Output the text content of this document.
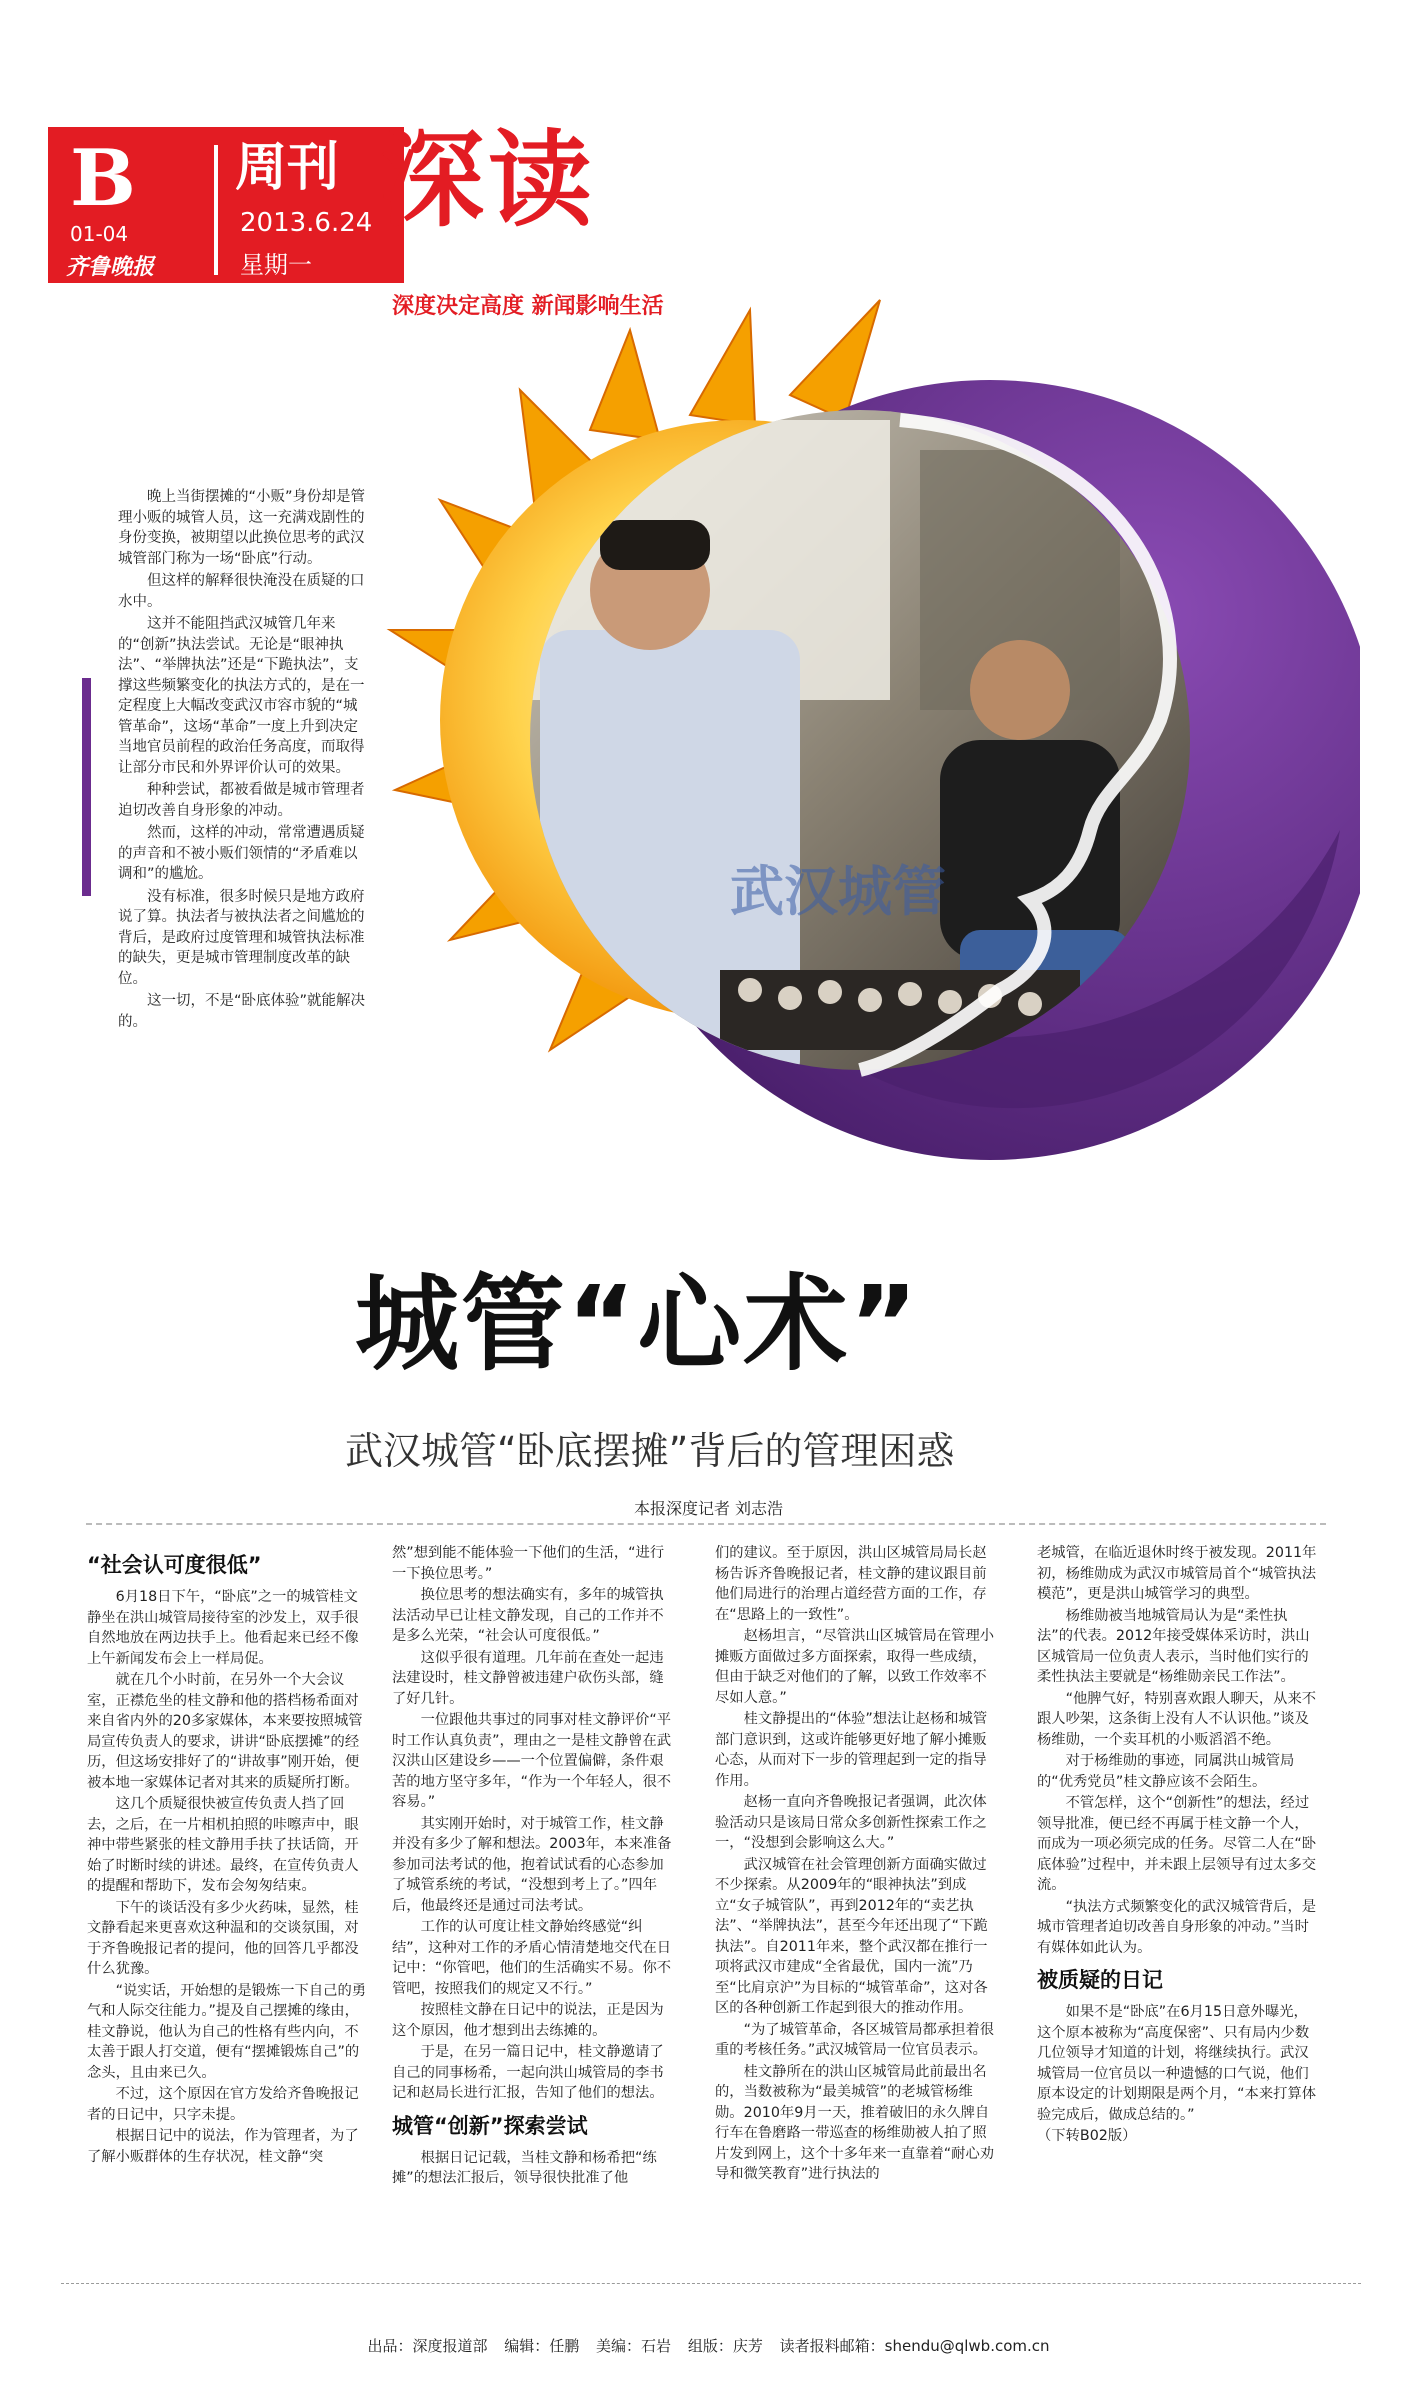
B 周刊
01-04	2013.6.24
齐鲁晚报	星期一
深读
深度决定高度 新闻影响生活
武汉城管

晚上当街摆摊的“小贩”身份却是管理小贩的城管人员，这一充满戏剧性的身份变换，被期望以此换位思考的武汉城管部门称为一场“卧底”行动。

但这样的解释很快淹没在质疑的口水中。

这并不能阻挡武汉城管几年来的“创新”执法尝试。无论是“眼神执法”、“举牌执法”还是“下跪执法”，支撑这些频繁变化的执法方式的，是在一定程度上大幅改变武汉市容市貌的“城管革命”，这场“革命”一度上升到决定当地官员前程的政治任务高度，而取得让部分市民和外界评价认可的效果。

种种尝试，都被看做是城市管理者迫切改善自身形象的冲动。

然而，这样的冲动，常常遭遇质疑的声音和不被小贩们领情的“矛盾难以调和”的尴尬。

没有标准，很多时候只是地方政府说了算。执法者与被执法者之间尴尬的背后，是政府过度管理和城管执法标准的缺失，更是城市管理制度改革的缺位。

这一切，不是“卧底体验”就能解决的。

城管“心术”
武汉城管“卧底摆摊”背后的管理困惑
本报深度记者 刘志浩
“社会认可度很低”

6月18日下午，“卧底”之一的城管桂文静坐在洪山城管局接待室的沙发上，双手很自然地放在两边扶手上。他看起来已经不像上午新闻发布会上一样局促。

就在几个小时前，在另外一个大会议室，正襟危坐的桂文静和他的搭档杨希面对来自省内外的20多家媒体，本来要按照城管局宣传负责人的要求，讲讲“卧底摆摊”的经历，但这场安排好了的“讲故事”刚开始，便被本地一家媒体记者对其来的质疑所打断。

这几个质疑很快被宣传负责人挡了回去，之后，在一片相机拍照的咔嚓声中，眼神中带些紧张的桂文静用手扶了扶话筒，开始了时断时续的讲述。最终，在宣传负责人的提醒和帮助下，发布会匆匆结束。

下午的谈话没有多少火药味，显然，桂文静看起来更喜欢这种温和的交谈氛围，对于齐鲁晚报记者的提问，他的回答几乎都没什么犹豫。

“说实话，开始想的是锻炼一下自己的勇气和人际交往能力。”提及自己摆摊的缘由，桂文静说，他认为自己的性格有些内向，不太善于跟人打交道，便有“摆摊锻炼自己”的念头，且由来已久。

不过，这个原因在官方发给齐鲁晚报记者的日记中，只字未提。

根据日记中的说法，作为管理者，为了了解小贩群体的生存状况，桂文静“突

然”想到能不能体验一下他们的生活，“进行一下换位思考。”

换位思考的想法确实有，多年的城管执法活动早已让桂文静发现，自己的工作并不是多么光荣，“社会认可度很低。”

这似乎很有道理。几年前在查处一起违法建设时，桂文静曾被违建户砍伤头部，缝了好几针。

一位跟他共事过的同事对桂文静评价“平时工作认真负责”，理由之一是桂文静曾在武汉洪山区建设乡——一个位置偏僻，条件艰苦的地方坚守多年，“作为一个年轻人，很不容易。”

其实刚开始时，对于城管工作，桂文静并没有多少了解和想法。2003年，本来准备参加司法考试的他，抱着试试看的心态参加了城管系统的考试，“没想到考上了。”四年后，他最终还是通过司法考试。

工作的认可度让桂文静始终感觉“纠结”，这种对工作的矛盾心情清楚地交代在日记中：“你管吧，他们的生活确实不易。你不管吧，按照我们的规定又不行。”

按照桂文静在日记中的说法，正是因为这个原因，他才想到出去练摊的。

于是，在另一篇日记中，桂文静邀请了自己的同事杨希，一起向洪山城管局的李书记和赵局长进行汇报，告知了他们的想法。

城管“创新”探索尝试

根据日记记载，当桂文静和杨希把“练摊”的想法汇报后，领导很快批准了他

们的建议。至于原因，洪山区城管局局长赵杨告诉齐鲁晚报记者，桂文静的建议跟目前他们局进行的治理占道经营方面的工作，存在“思路上的一致性”。

赵杨坦言，“尽管洪山区城管局在管理小摊贩方面做过多方面探索，取得一些成绩，但由于缺乏对他们的了解，以致工作效率不尽如人意。”

桂文静提出的“体验”想法让赵杨和城管部门意识到，这或许能够更好地了解小摊贩心态，从而对下一步的管理起到一定的指导作用。

赵杨一直向齐鲁晚报记者强调，此次体验活动只是该局日常众多创新性探索工作之一，“没想到会影响这么大。”

武汉城管在社会管理创新方面确实做过不少探索。从2009年的“眼神执法”到成立“女子城管队”，再到2012年的“卖艺执法”、“举牌执法”，甚至今年还出现了“下跪执法”。自2011年来，整个武汉都在推行一项将武汉市建成“全省最优，国内一流”乃至“比肩京沪”为目标的“城管革命”，这对各区的各种创新工作起到很大的推动作用。

“为了城管革命，各区城管局都承担着很重的考核任务。”武汉城管局一位官员表示。

桂文静所在的洪山区城管局此前最出名的，当数被称为“最美城管”的老城管杨维勋。2010年9月一天，推着破旧的永久牌自行车在鲁磨路一带巡查的杨维勋被人拍了照片发到网上，这个十多年来一直靠着“耐心劝导和微笑教育”进行执法的

老城管，在临近退休时终于被发现。2011年初，杨维勋成为武汉市城管局首个“城管执法模范”，更是洪山城管学习的典型。

杨维勋被当地城管局认为是“柔性执法”的代表。2012年接受媒体采访时，洪山区城管局一位负责人表示，当时他们实行的柔性执法主要就是“杨维勋亲民工作法”。

“他脾气好，特别喜欢跟人聊天，从来不跟人吵架，这条街上没有人不认识他。”谈及杨维勋，一个卖耳机的小贩滔滔不绝。

对于杨维勋的事迹，同属洪山城管局的“优秀党员”桂文静应该不会陌生。

不管怎样，这个“创新性”的想法，经过领导批准，便已经不再属于桂文静一个人，而成为一项必须完成的任务。尽管二人在“卧底体验”过程中，并未跟上层领导有过太多交流。

“执法方式频繁变化的武汉城管背后，是城市管理者迫切改善自身形象的冲动。”当时有媒体如此认为。

被质疑的日记

如果不是“卧底”在6月15日意外曝光，这个原本被称为“高度保密”、只有局内少数几位领导才知道的计划，将继续执行。武汉城管局一位官员以一种遗憾的口气说，他们原本设定的计划期限是两个月，“本来打算体验完成后，做成总结的。”

（下转B02版）

出品：深度报道部 编辑：任鹏 美编：石岩 组版：庆芳 读者报料邮箱：shendu@qlwb.com.cn
